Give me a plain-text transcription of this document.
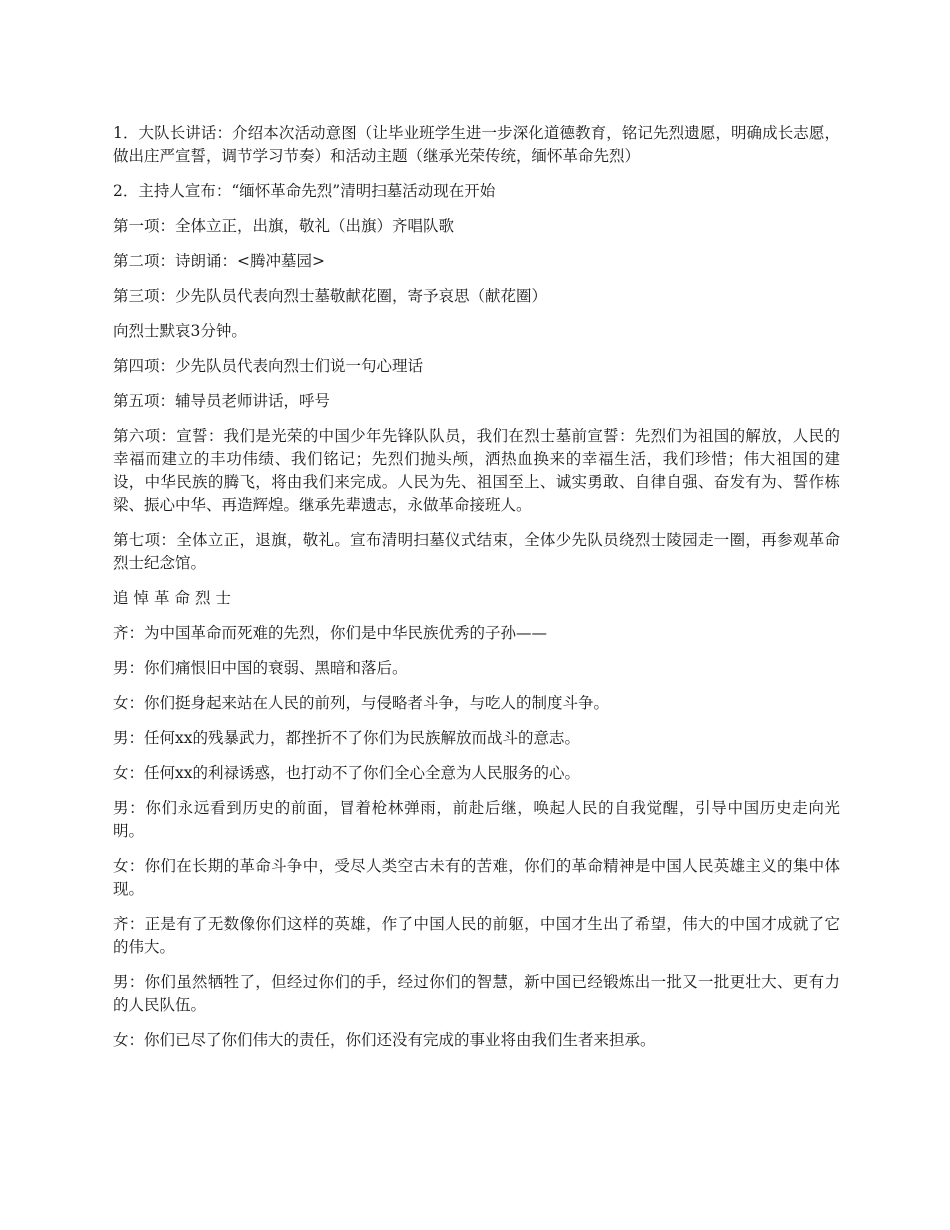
1．大队长讲话：介绍本次活动意图（让毕业班学生进一步深化道德教育，铭记先烈遗愿，明确成长志愿，做出庄严宣誓，调节学习节奏）和活动主题（继承光荣传统，缅怀革命先烈）

2．主持人宣布：“缅怀革命先烈”清明扫墓活动现在开始

第一项：全体立正，出旗，敬礼（出旗）齐唱队歌

第二项：诗朗诵：<腾冲墓园>

第三项：少先队员代表向烈士墓敬献花圈，寄予哀思（献花圈）

向烈士默哀3分钟。

第四项：少先队员代表向烈士们说一句心理话

第五项：辅导员老师讲话，呼号

第六项：宣誓：我们是光荣的中国少年先锋队队员，我们在烈士墓前宣誓：先烈们为祖国的解放，人民的幸福而建立的丰功伟绩、我们铭记；先烈们抛头颅，洒热血换来的幸福生活，我们珍惜；伟大祖国的建设，中华民族的腾飞，将由我们来完成。人民为先、祖国至上、诚实勇敢、自律自强、奋发有为、誓作栋梁、振心中华、再造辉煌。继承先辈遗志，永做革命接班人。

第七项：全体立正，退旗，敬礼。宣布清明扫墓仪式结束，全体少先队员绕烈士陵园走一圈，再参观革命烈士纪念馆。

追悼革命烈士

齐：为中国革命而死难的先烈，你们是中华民族优秀的子孙——

男：你们痛恨旧中国的衰弱、黑暗和落后。

女：你们挺身起来站在人民的前列，与侵略者斗争，与吃人的制度斗争。

男：任何xx的残暴武力，都挫折不了你们为民族解放而战斗的意志。

女：任何xx的利禄诱惑，也打动不了你们全心全意为人民服务的心。

男：你们永远看到历史的前面，冒着枪林弹雨，前赴后继，唤起人民的自我觉醒，引导中国历史走向光明。

女：你们在长期的革命斗争中，受尽人类空古未有的苦难，你们的革命精神是中国人民英雄主义的集中体现。

齐：正是有了无数像你们这样的英雄，作了中国人民的前躯，中国才生出了希望，伟大的中国才成就了它的伟大。

男：你们虽然牺牲了，但经过你们的手，经过你们的智慧，新中国已经锻炼出一批又一批更壮大、更有力的人民队伍。

女：你们已尽了你们伟大的责任，你们还没有完成的事业将由我们生者来担承。
